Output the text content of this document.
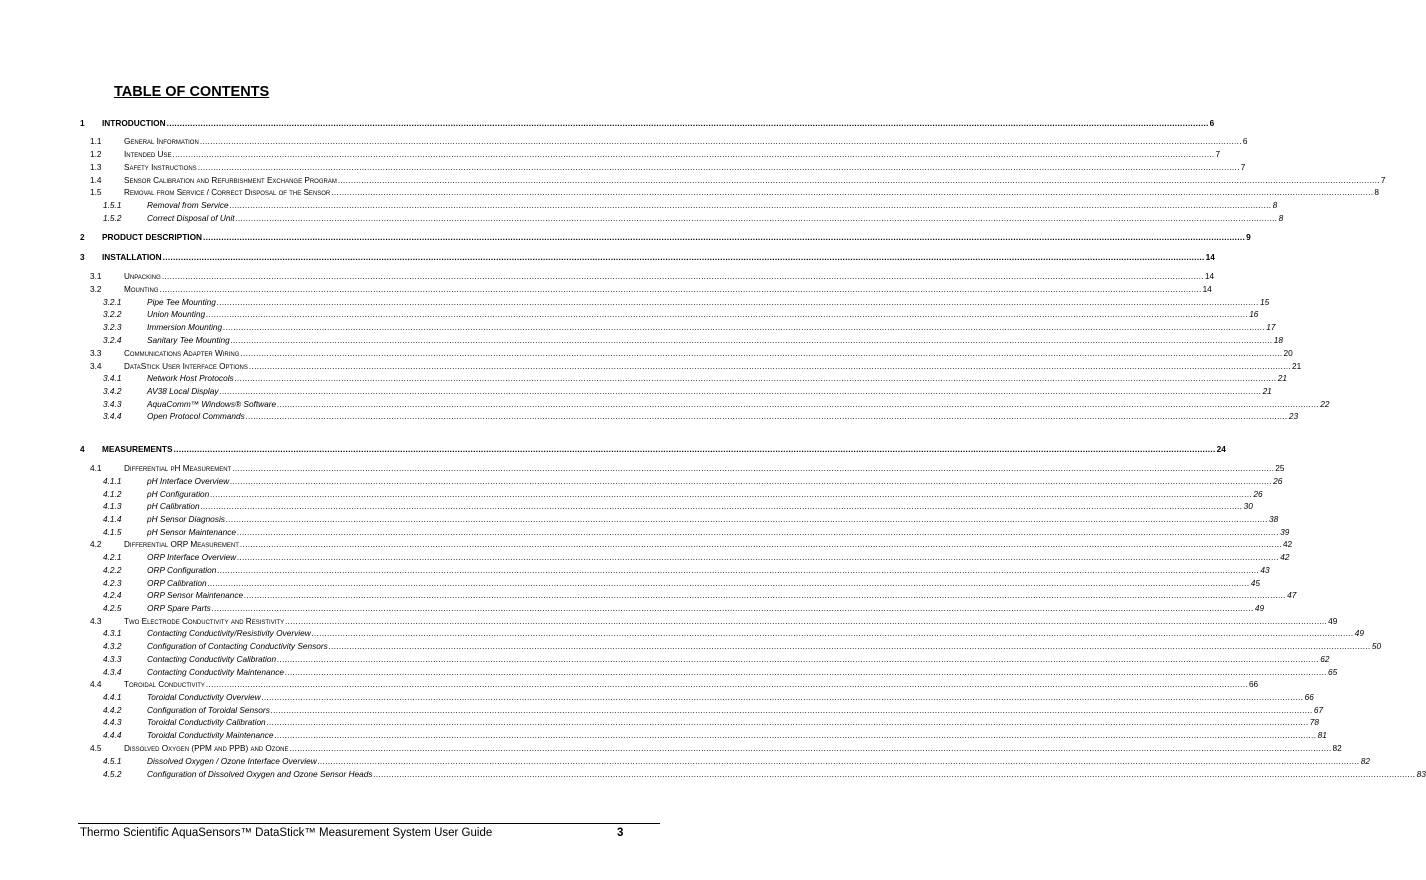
TABLE OF CONTENTS
1	INTRODUCTION ................................................................................................................................................................................................................................................................................................................................................................................................................ 6
1.1	General Information ................................................................................................................................................................................................................................................................................................................................................................................................................ 6
1.2	Intended Use ................................................................................................................................................................................................................................................................................................................................................................................................................ 7
1.3	Safety Instructions ................................................................................................................................................................................................................................................................................................................................................................................................................ 7
1.4	Sensor Calibration and Refurbishment Exchange Program ................................................................................................................................................................................................................................................................................................................................................................................................................ 7
1.5	Removal from Service / Correct Disposal of the Sensor ................................................................................................................................................................................................................................................................................................................................................................................................................ 8
1.5.1	Removal from Service ................................................................................................................................................................................................................................................................................................................................................................................................................ 8
1.5.2	Correct Disposal of Unit ................................................................................................................................................................................................................................................................................................................................................................................................................ 8
2	PRODUCT DESCRIPTION ................................................................................................................................................................................................................................................................................................................................................................................................................ 9
3	INSTALLATION ................................................................................................................................................................................................................................................................................................................................................................................................................ 14
3.1	Unpacking ................................................................................................................................................................................................................................................................................................................................................................................................................ 14
3.2	Mounting ................................................................................................................................................................................................................................................................................................................................................................................................................ 14
3.2.1	Pipe Tee Mounting ................................................................................................................................................................................................................................................................................................................................................................................................................ 15
3.2.2	Union Mounting ................................................................................................................................................................................................................................................................................................................................................................................................................ 16
3.2.3	Immersion Mounting ................................................................................................................................................................................................................................................................................................................................................................................................................ 17
3.2.4	Sanitary Tee Mounting ................................................................................................................................................................................................................................................................................................................................................................................................................ 18
3.3	Communications Adapter Wiring ................................................................................................................................................................................................................................................................................................................................................................................................................ 20
3.4	DataStick User Interface Options ................................................................................................................................................................................................................................................................................................................................................................................................................ 21
3.4.1	Network Host Protocols ................................................................................................................................................................................................................................................................................................................................................................................................................ 21
3.4.2	AV38 Local Display ................................................................................................................................................................................................................................................................................................................................................................................................................ 21
3.4.3	AquaComm™ Windows® Software ................................................................................................................................................................................................................................................................................................................................................................................................................ 22
3.4.4	Open Protocol Commands ................................................................................................................................................................................................................................................................................................................................................................................................................ 23
4	MEASUREMENTS ................................................................................................................................................................................................................................................................................................................................................................................................................ 24
4.1	Differential pH Measurement ................................................................................................................................................................................................................................................................................................................................................................................................................ 25
4.1.1	pH Interface Overview ................................................................................................................................................................................................................................................................................................................................................................................................................ 26
4.1.2	pH Configuration ................................................................................................................................................................................................................................................................................................................................................................................................................ 26
4.1.3	pH Calibration ................................................................................................................................................................................................................................................................................................................................................................................................................ 30
4.1.4	pH Sensor Diagnosis ................................................................................................................................................................................................................................................................................................................................................................................................................ 38
4.1.5	pH Sensor Maintenance ................................................................................................................................................................................................................................................................................................................................................................................................................ 39
4.2	Differential ORP Measurement ................................................................................................................................................................................................................................................................................................................................................................................................................ 42
4.2.1	ORP Interface Overview ................................................................................................................................................................................................................................................................................................................................................................................................................ 42
4.2.2	ORP Configuration ................................................................................................................................................................................................................................................................................................................................................................................................................ 43
4.2.3	ORP Calibration ................................................................................................................................................................................................................................................................................................................................................................................................................ 45
4.2.4	ORP Sensor Maintenance ................................................................................................................................................................................................................................................................................................................................................................................................................ 47
4.2.5	ORP Spare Parts ................................................................................................................................................................................................................................................................................................................................................................................................................ 49
4.3	Two Electrode Conductivity and Resistivity ................................................................................................................................................................................................................................................................................................................................................................................................................ 49
4.3.1	Contacting Conductivity/Resistivity Overview ................................................................................................................................................................................................................................................................................................................................................................................................................ 49
4.3.2	Configuration of Contacting Conductivity Sensors ................................................................................................................................................................................................................................................................................................................................................................................................................ 50
4.3.3	Contacting Conductivity Calibration ................................................................................................................................................................................................................................................................................................................................................................................................................ 62
4.3.4	Contacting Conductivity Maintenance ................................................................................................................................................................................................................................................................................................................................................................................................................ 65
4.4	Toroidal Conductivity ................................................................................................................................................................................................................................................................................................................................................................................................................ 66
4.4.1	Toroidal Conductivity Overview ................................................................................................................................................................................................................................................................................................................................................................................................................ 66
4.4.2	Configuration of Toroidal Sensors ................................................................................................................................................................................................................................................................................................................................................................................................................ 67
4.4.3	Toroidal Conductivity Calibration ................................................................................................................................................................................................................................................................................................................................................................................................................ 78
4.4.4	Toroidal Conductivity Maintenance ................................................................................................................................................................................................................................................................................................................................................................................................................ 81
4.5	Dissolved Oxygen (PPM and PPB) and Ozone ................................................................................................................................................................................................................................................................................................................................................................................................................ 82
4.5.1	Dissolved Oxygen / Ozone Interface Overview ................................................................................................................................................................................................................................................................................................................................................................................................................ 82
4.5.2	Configuration of Dissolved Oxygen and Ozone Sensor Heads ................................................................................................................................................................................................................................................................................................................................................................................................................ 83
Thermo Scientific AquaSensors™ DataStick™ Measurement System User Guide	3
